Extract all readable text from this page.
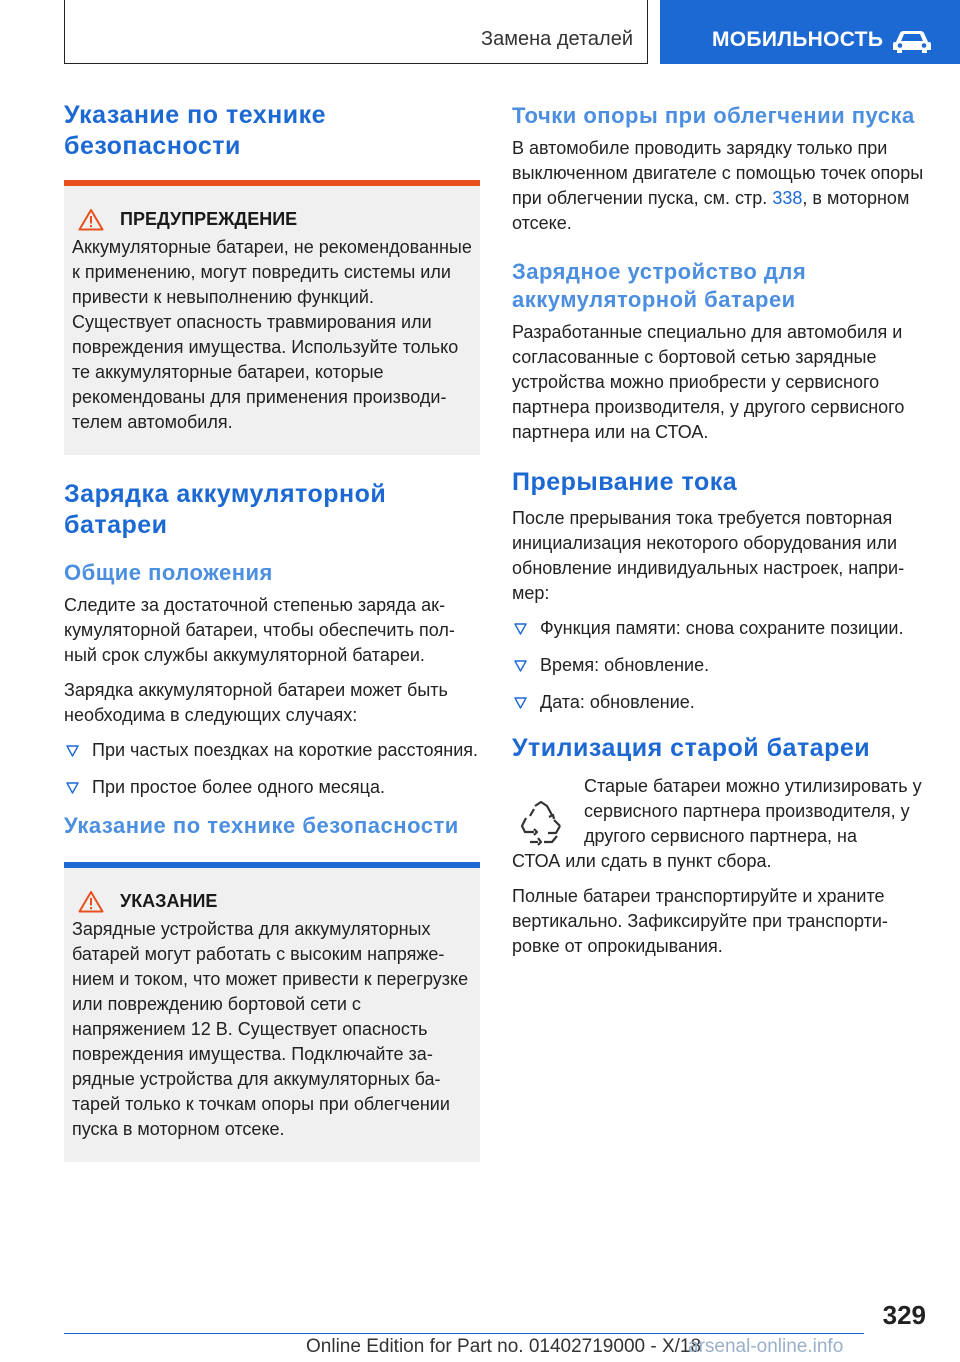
Замена деталей	МОБИЛЬНОСТЬ
Указание по технике безопасности
ПРЕДУПРЕЖДЕНИЕ
Аккумуляторные батареи, не рекомендованные к применению, могут повредить системы или привести к невыполнению функций. Существует опасность травмирования или повреждения имущества. Используйте только те аккумуляторные батареи, которые рекомендованы для применения производителем автомобиля.
Зарядка аккумуляторной батареи
Общие положения

Следите за достаточной степенью заряда аккумуляторной батареи, чтобы обеспечить полный срок службы аккумуляторной батареи.

Зарядка аккумуляторной батареи может быть необходима в следующих случаях:

При частых поездках на короткие расстояния.
При простое более одного месяца.
Указание по технике безопасности
УКАЗАНИЕ
Зарядные устройства для аккумуляторных батарей могут работать с высоким напряжением и током, что может привести к перегрузке или повреждению бортовой сети с напряжением 12 В. Существует опасность повреждения имущества. Подключайте зарядные устройства для аккумуляторных батарей только к точкам опоры при облегчении пуска в моторном отсеке.
Точки опоры при облегчении пуска

В автомобиле проводить зарядку только при выключенном двигателе с помощью точек опоры при облегчении пуска, см. стр. 338, в моторном отсеке.

Зарядное устройство для аккумуляторной батареи

Разработанные специально для автомобиля и согласованные с бортовой сетью зарядные устройства можно приобрести у сервисного партнера производителя, у другого сервисного партнера или на СТОА.

Прерывание тока

После прерывания тока требуется повторная инициализация некоторого оборудования или обновление индивидуальных настроек, например:

Функция памяти: снова сохраните позиции.
Время: обновление.
Дата: обновление.
Утилизация старой батареи
Старые батареи можно утилизировать у сервисного партнера производителя, у другого сервисного партнера, на

СТОА или сдать в пункт сбора.

Полные батареи транспортируйте и храните вертикально. Зафиксируйте при транспортировке от опрокидывания.

329
Online Edition for Part no. 01402719000 - X/18
arsenal-online.info
